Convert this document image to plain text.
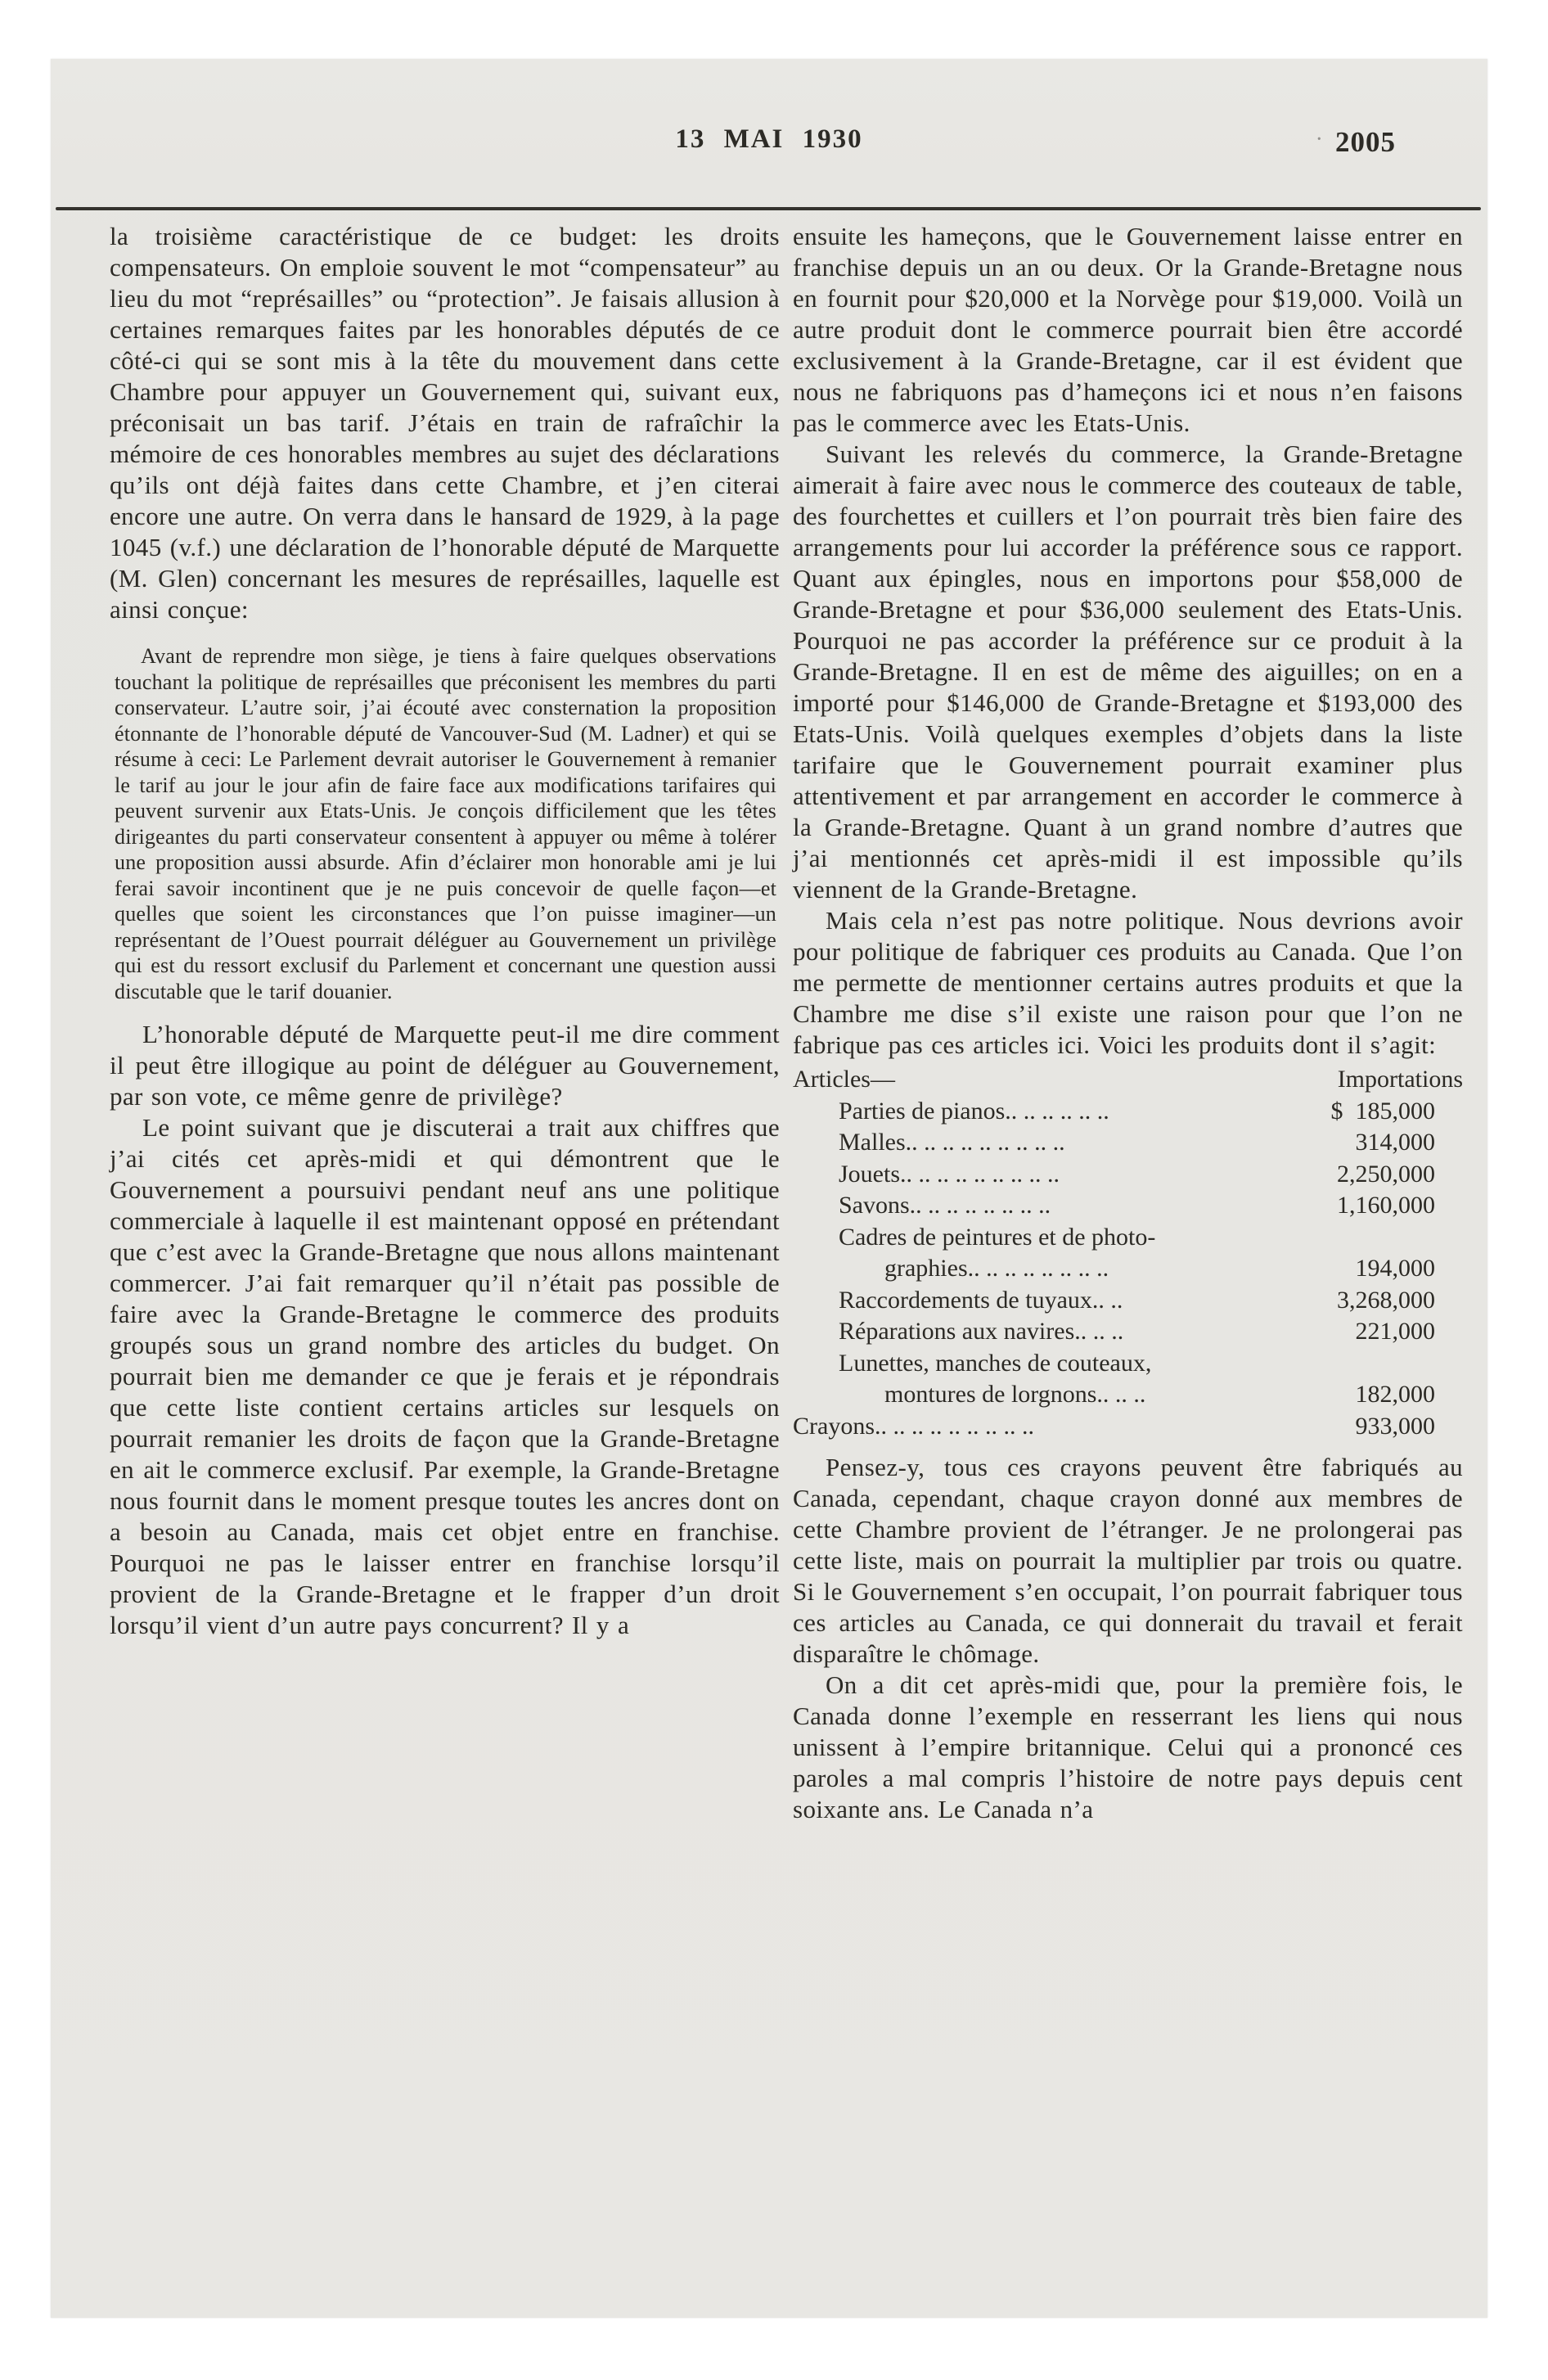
13 MAI 1930	· 2005

la troisième caractéristique de ce budget: les droits compensateurs. On emploie souvent le mot “compensateur” au lieu du mot “représailles” ou “protection”. Je faisais allusion à certaines remarques faites par les honorables députés de ce côté-ci qui se sont mis à la tête du mouvement dans cette Chambre pour appuyer un Gouvernement qui, suivant eux, préconisait un bas tarif. J’étais en train de rafraîchir la mémoire de ces honorables membres au sujet des déclarations qu’ils ont déjà faites dans cette Chambre, et j’en citerai encore une autre. On verra dans le hansard de 1929, à la page 1045 (v.f.) une déclaration de l’honorable député de Marquette (M. Glen) concernant les mesures de représailles, laquelle est ainsi conçue:

Avant de reprendre mon siège, je tiens à faire quelques observations touchant la politique de représailles que préconisent les membres du parti conservateur. L’autre soir, j’ai écouté avec consternation la proposition étonnante de l’honorable député de Vancouver-Sud (M. Ladner) et qui se résume à ceci: Le Parlement devrait autoriser le Gouvernement à remanier le tarif au jour le jour afin de faire face aux modifications tarifaires qui peuvent survenir aux Etats-Unis. Je conçois difficilement que les têtes dirigeantes du parti conservateur consentent à appuyer ou même à tolérer une proposition aussi absurde. Afin d’éclairer mon honorable ami je lui ferai savoir incontinent que je ne puis concevoir de quelle façon—et quelles que soient les circonstances que l’on puisse imaginer—un représentant de l’Ouest pourrait déléguer au Gouvernement un privilège qui est du ressort exclusif du Parlement et concernant une question aussi discutable que le tarif douanier.

L’honorable député de Marquette peut-il me dire comment il peut être illogique au point de déléguer au Gouvernement, par son vote, ce même genre de privilège?

Le point suivant que je discuterai a trait aux chiffres que j’ai cités cet après-midi et qui démontrent que le Gouvernement a poursuivi pendant neuf ans une politique commerciale à laquelle il est maintenant opposé en prétendant que c’est avec la Grande-Bretagne que nous allons maintenant commercer. J’ai fait remarquer qu’il n’était pas possible de faire avec la Grande-Bretagne le commerce des produits groupés sous un grand nombre des articles du budget. On pourrait bien me demander ce que je ferais et je répondrais que cette liste contient certains articles sur lesquels on pourrait remanier les droits de façon que la Grande-Bretagne en ait le commerce exclusif. Par exemple, la Grande-Bretagne nous fournit dans le moment presque toutes les ancres dont on a besoin au Canada, mais cet objet entre en franchise. Pourquoi ne pas le laisser entrer en franchise lorsqu’il provient de la Grande-Bretagne et le frapper d’un droit lorsqu’il vient d’un autre pays concurrent? Il y a

ensuite les hameçons, que le Gouvernement laisse entrer en franchise depuis un an ou deux. Or la Grande-Bretagne nous en fournit pour $20,000 et la Norvège pour $19,000. Voilà un autre produit dont le commerce pourrait bien être accordé exclusivement à la Grande-Bretagne, car il est évident que nous ne fabriquons pas d’hameçons ici et nous n’en faisons pas le commerce avec les Etats-Unis.

Suivant les relevés du commerce, la Grande-Bretagne aimerait à faire avec nous le commerce des couteaux de table, des fourchettes et cuillers et l’on pourrait très bien faire des arrangements pour lui accorder la préférence sous ce rapport. Quant aux épingles, nous en importons pour $58,000 de Grande-Bretagne et pour $36,000 seulement des Etats-Unis. Pourquoi ne pas accorder la préférence sur ce produit à la Grande-Bretagne. Il en est de même des aiguilles; on en a importé pour $146,000 de Grande-Bretagne et $193,000 des Etats-Unis. Voilà quelques exemples d’objets dans la liste tarifaire que le Gouvernement pourrait examiner plus attentivement et par arrangement en accorder le commerce à la Grande-Bretagne. Quant à un grand nombre d’autres que j’ai mentionnés cet après-midi il est impossible qu’ils viennent de la Grande-Bretagne.

Mais cela n’est pas notre politique. Nous devrions avoir pour politique de fabriquer ces produits au Canada. Que l’on me permette de mentionner certains autres produits et que la Chambre me dise s’il existe une raison pour que l’on ne fabrique pas ces articles ici. Voici les produits dont il s’agit:

Articles—	Importations
Parties de pianos.. .. .. .. .. ..	$  185,000
Malles.. .. .. .. .. .. .. .. ..	314,000
Jouets.. .. .. .. .. .. .. .. ..	2,250,000
Savons.. .. .. .. .. .. .. ..	1,160,000
Cadres de peintures et de photo-
graphies.. .. .. .. .. .. .. ..	194,000
Raccordements de tuyaux.. ..	3,268,000
Réparations aux navires.. .. ..	221,000
Lunettes, manches de couteaux,
montures de lorgnons.. .. ..	182,000
Crayons.. .. .. .. .. .. .. .. ..	933,000

Pensez-y, tous ces crayons peuvent être fabriqués au Canada, cependant, chaque crayon donné aux membres de cette Chambre provient de l’étranger. Je ne prolongerai pas cette liste, mais on pourrait la multiplier par trois ou quatre. Si le Gouvernement s’en occupait, l’on pourrait fabriquer tous ces articles au Canada, ce qui donnerait du travail et ferait disparaître le chômage.

On a dit cet après-midi que, pour la première fois, le Canada donne l’exemple en resserrant les liens qui nous unissent à l’empire britannique. Celui qui a prononcé ces paroles a mal compris l’histoire de notre pays depuis cent soixante ans. Le Canada n’a
